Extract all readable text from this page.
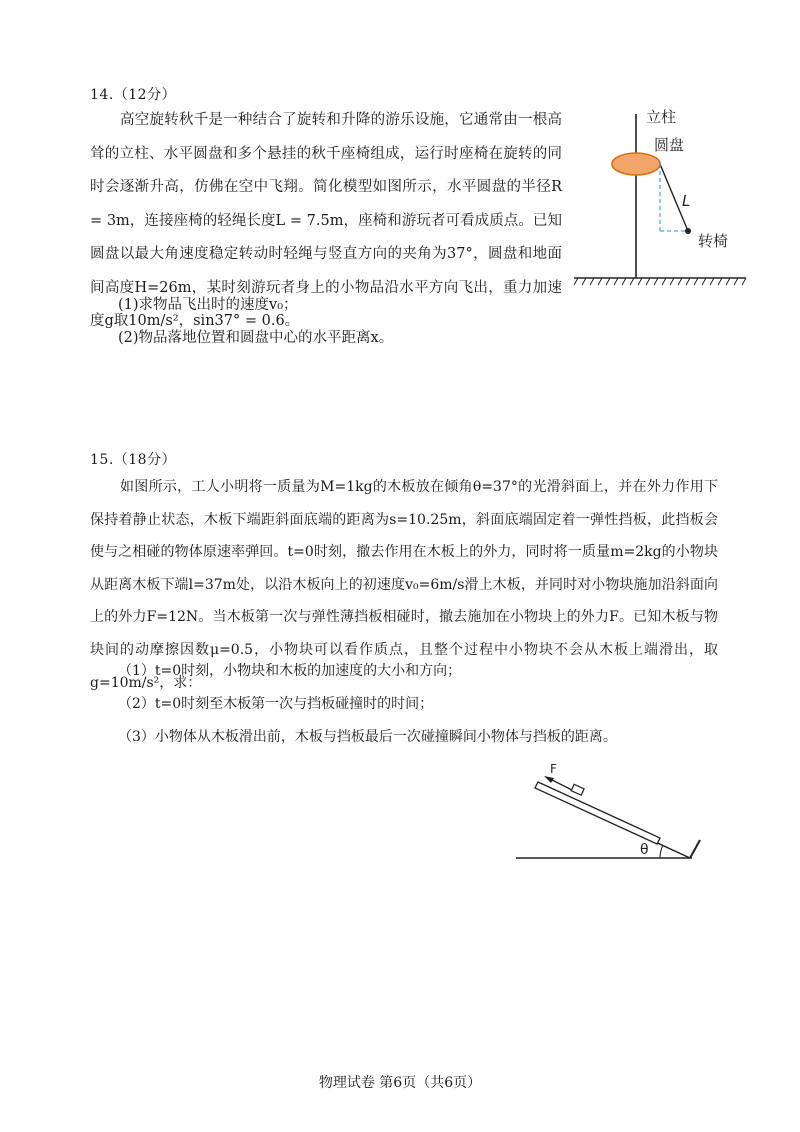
14.（12分）
高空旋转秋千是一种结合了旋转和升降的游乐设施，它通常由一根高耸的立柱、水平圆盘和多个悬挂的秋千座椅组成，运行时座椅在旋转的同时会逐渐升高，仿佛在空中飞翔。简化模型如图所示，水平圆盘的半径R = 3m，连接座椅的轻绳长度L = 7.5m，座椅和游玩者可看成质点。已知圆盘以最大角速度稳定转动时轻绳与竖直方向的夹角为37°，圆盘和地面间高度H=26m，某时刻游玩者身上的小物品沿水平方向飞出，重力加速度g取10m/s²，sin37° = 0.6。
(1)求物品飞出时的速度v₀；
(2)物品落地位置和圆盘中心的水平距离x。
立柱
圆盘
L
转椅
15.（18分）
如图所示，工人小明将一质量为M=1kg的木板放在倾角θ=37°的光滑斜面上，并在外力作用下保持着静止状态，木板下端距斜面底端的距离为s=10.25m，斜面底端固定着一弹性挡板，此挡板会使与之相碰的物体原速率弹回。t=0时刻，撤去作用在木板上的外力，同时将一质量m=2kg的小物块从距离木板下端l=37m处，以沿木板向上的初速度v₀=6m/s滑上木板，并同时对小物块施加沿斜面向上的外力F=12N。当木板第一次与弹性薄挡板相碰时，撤去施加在小物块上的外力F。已知木板与物块间的动摩擦因数μ=0.5，小物块可以看作质点，且整个过程中小物块不会从木板上端滑出，取g=10m/s²，求：
（1）t=0时刻，小物块和木板的加速度的大小和方向；
（2）t=0时刻至木板第一次与挡板碰撞时的时间；
（3）小物体从木板滑出前，木板与挡板最后一次碰撞瞬间小物体与挡板的距离。
F
θ
物理试卷 第6页（共6页）
